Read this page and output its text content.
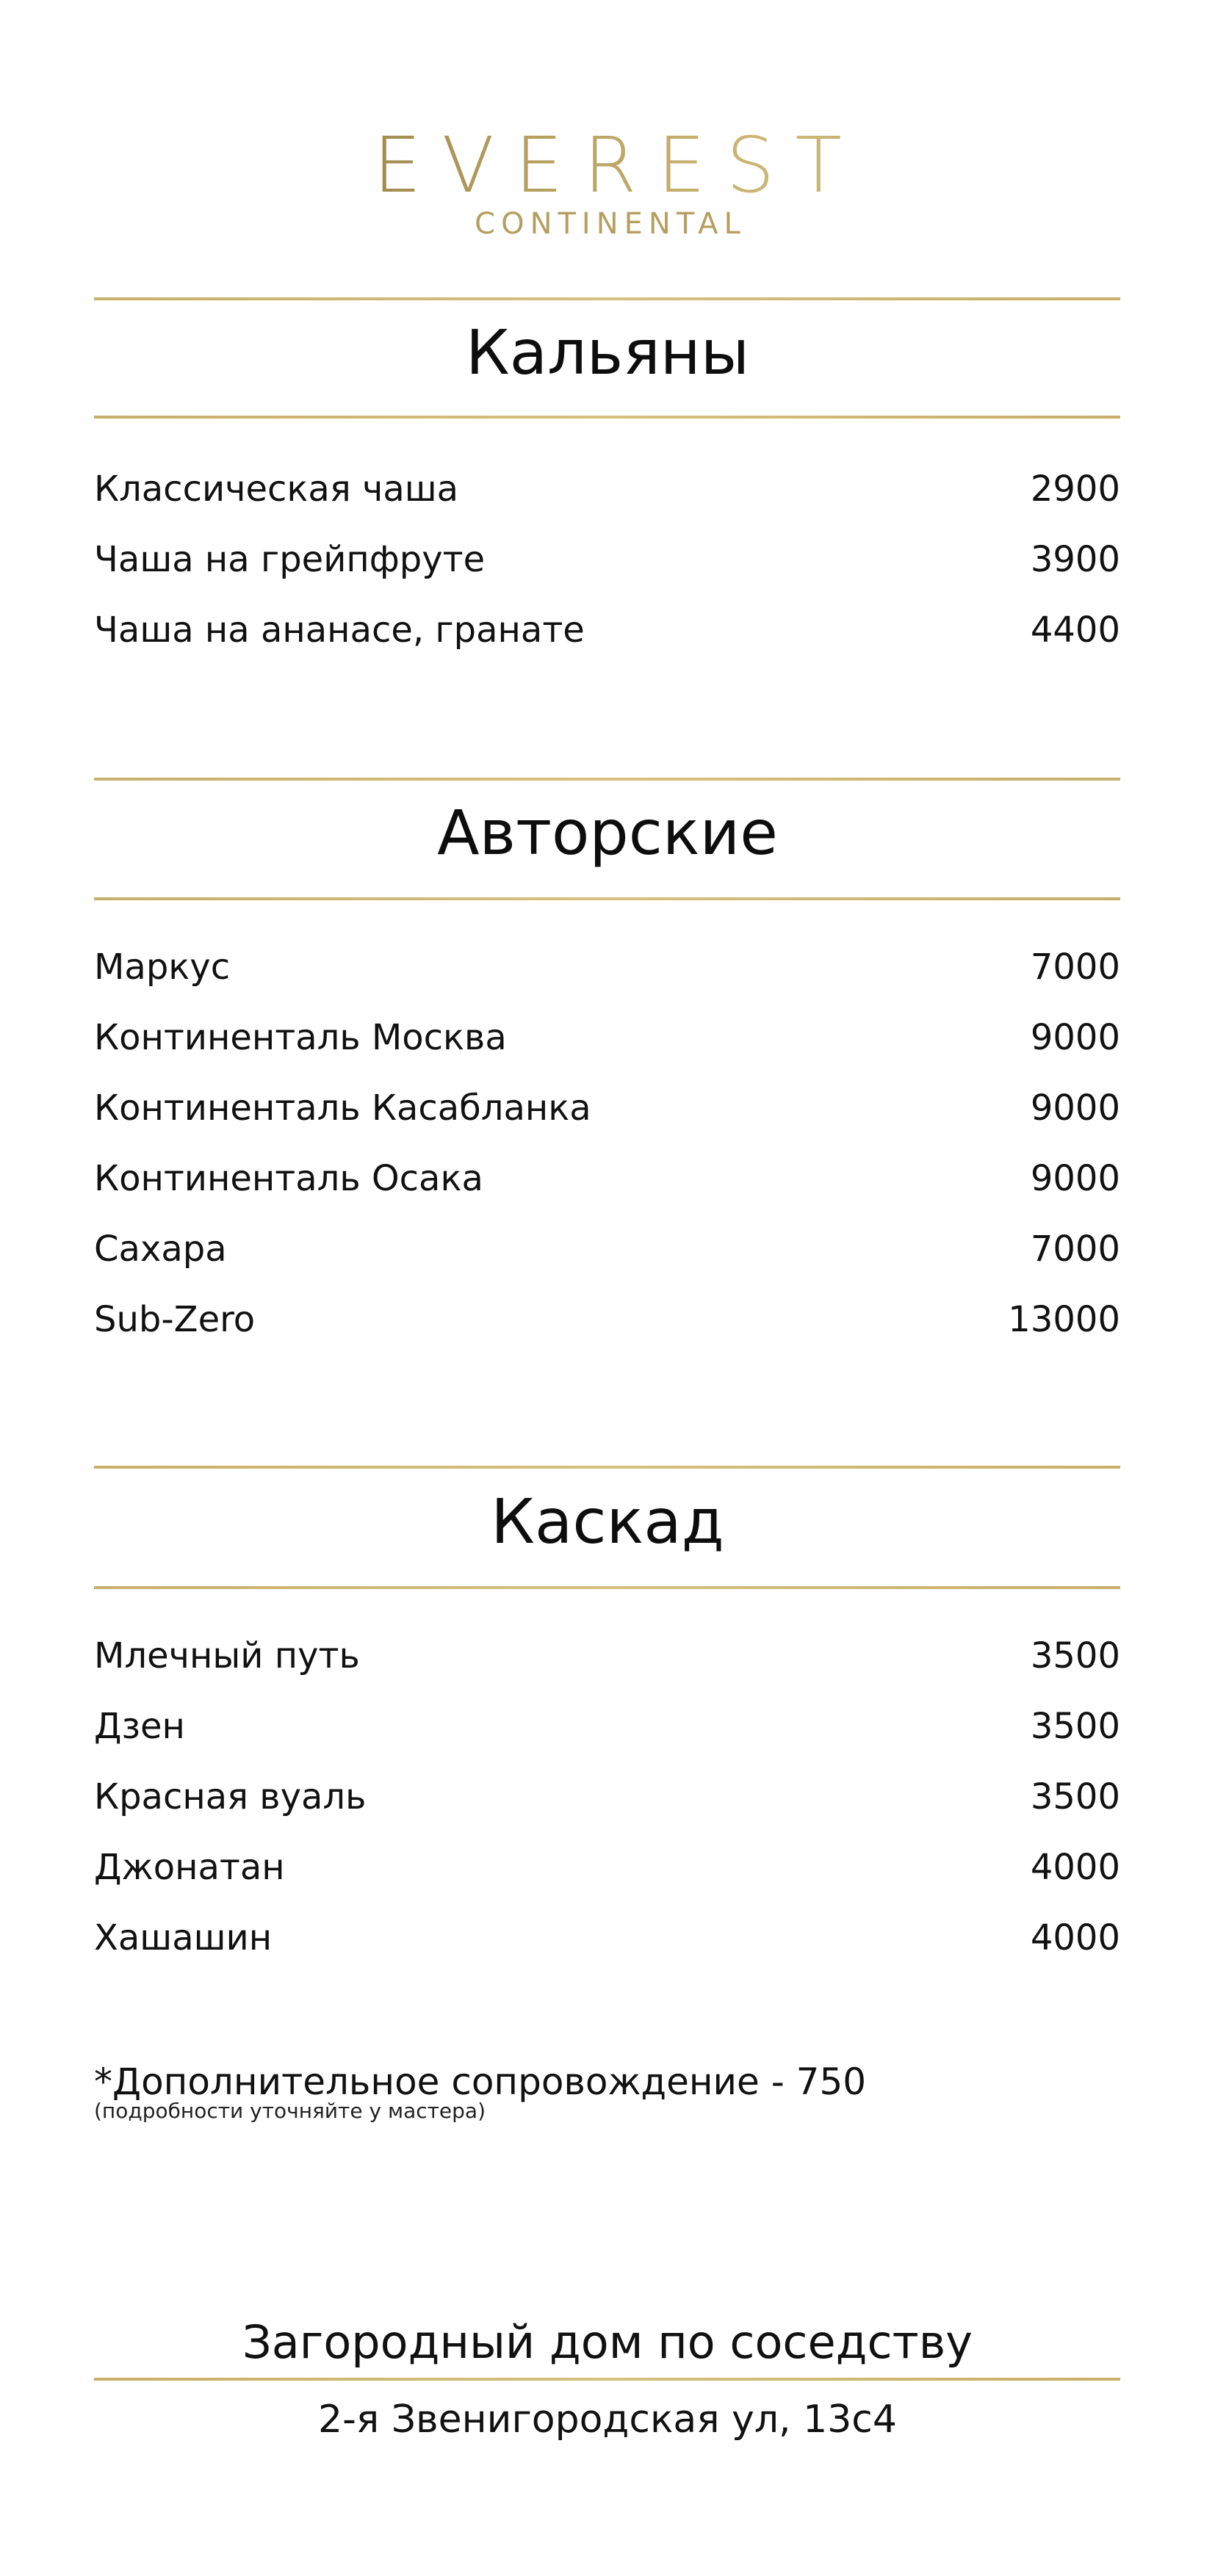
EVEREST
CONTINENTAL
Кальяны
Классическая чаша	2900
Чаша на грейпфруте	3900
Чаша на ананасе, гранате	4400
Авторские
Маркус	7000
Континенталь Москва	9000
Континенталь Касабланка	9000
Континенталь Осака	9000
Сахара	7000
Sub-Zero	13000
Каскад
Млечный путь	3500
Дзен	3500
Красная вуаль	3500
Джонатан	4000
Хашашин	4000
*Дополнительное сопровождение - 750
(подробности уточняйте у мастера)
Загородный дом по соседству
2-я Звенигородская ул, 13с4
